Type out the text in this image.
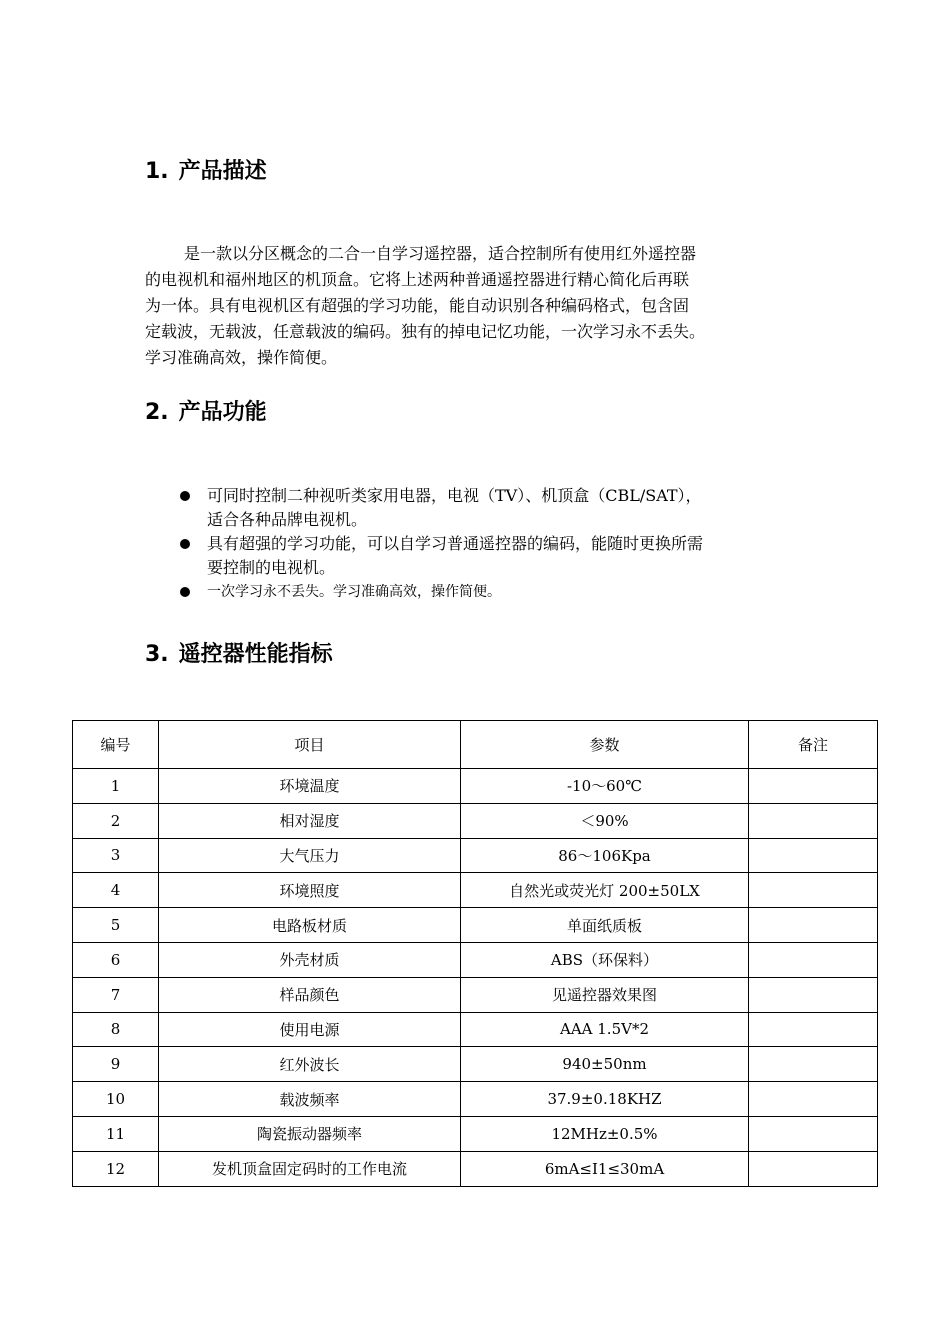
1. 产品描述

是一款以分区概念的二合一自学习遥控器，适合控制所有使用红外遥控器
的电视机和福州地区的机顶盒。它将上述两种普通遥控器进行精心简化后再联
为一体。具有电视机区有超强的学习功能，能自动识别各种编码格式，包含固
定载波，无载波，任意载波的编码。独有的掉电记忆功能，一次学习永不丢失。
学习准确高效，操作简便。

2. 产品功能
可同时控制二种视听类家用电器，电视（TV）、机顶盒（CBL/SAT），
适合各种品牌电视机。
具有超强的学习功能，可以自学习普通遥控器的编码，能随时更换所需
要控制的电视机。
一次学习永不丢失。学习准确高效，操作简便。
3. 遥控器性能指标
编号	项目	参数	备注
1	环境温度	-10～60℃	
2	相对湿度	＜90%	
3	大气压力	86～106Kpa	
4	环境照度	自然光或荧光灯 200±50LX	
5	电路板材质	单面纸质板	
6	外壳材质	ABS（环保料）	
7	样品颜色	见遥控器效果图	
8	使用电源	AAA 1.5V*2	
9	红外波长	940±50nm	
10	载波频率	37.9±0.18KHZ	
11	陶瓷振动器频率	12MHz±0.5%	
12	发机顶盒固定码时的工作电流	6mA≤I1≤30mA	
